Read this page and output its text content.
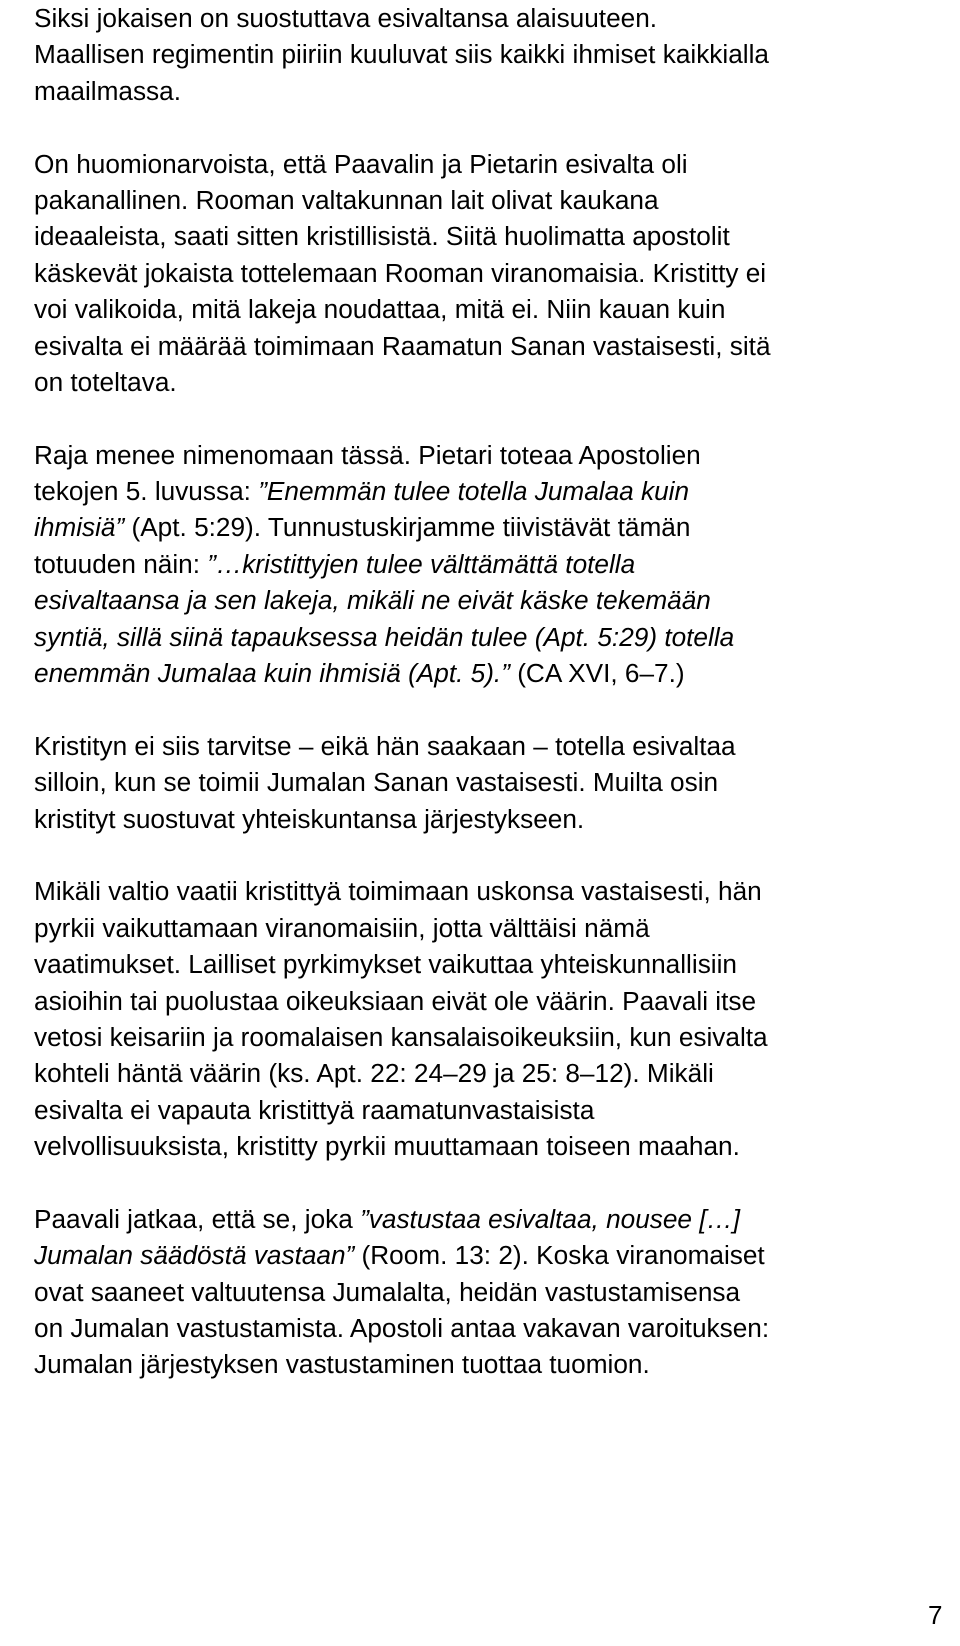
Siksi jokaisen on suostuttava esivaltansa alaisuuteen.
Maallisen regimentin piiriin kuuluvat siis kaikki ihmiset kaikkialla
maailmassa.

On huomionarvoista, että Paavalin ja Pietarin esivalta oli
pakanallinen. Rooman valtakunnan lait olivat kaukana
ideaaleista, saati sitten kristillisistä. Siitä huolimatta apostolit
käskevät jokaista tottelemaan Rooman viranomaisia. Kristitty ei
voi valikoida, mitä lakeja noudattaa, mitä ei. Niin kauan kuin
esivalta ei määrää toimimaan Raamatun Sanan vastaisesti, sitä
on toteltava.

Raja menee nimenomaan tässä. Pietari toteaa Apostolien
tekojen 5. luvussa: ”Enemmän tulee totella Jumalaa kuin
ihmisiä” (Apt. 5:29). Tunnustuskirjamme tiivistävät tämän
totuuden näin: ”…kristittyjen tulee välttämättä totella
esivaltaansa ja sen lakeja, mikäli ne eivät käske tekemään
syntiä, sillä siinä tapauksessa heidän tulee (Apt. 5:29) totella
enemmän Jumalaa kuin ihmisiä (Apt. 5).” (CA XVI, 6–7.)

Kristityn ei siis tarvitse – eikä hän saakaan – totella esivaltaa
silloin, kun se toimii Jumalan Sanan vastaisesti. Muilta osin
kristityt suostuvat yhteiskuntansa järjestykseen.

Mikäli valtio vaatii kristittyä toimimaan uskonsa vastaisesti, hän
pyrkii vaikuttamaan viranomaisiin, jotta välttäisi nämä
vaatimukset. Lailliset pyrkimykset vaikuttaa yhteiskunnallisiin
asioihin tai puolustaa oikeuksiaan eivät ole väärin. Paavali itse
vetosi keisariin ja roomalaisen kansalaisoikeuksiin, kun esivalta
kohteli häntä väärin (ks. Apt. 22: 24–29 ja 25: 8–12). Mikäli
esivalta ei vapauta kristittyä raamatunvastaisista
velvollisuuksista, kristitty pyrkii muuttamaan toiseen maahan.

Paavali jatkaa, että se, joka ”vastustaa esivaltaa, nousee […]
Jumalan säädöstä vastaan” (Room. 13: 2). Koska viranomaiset
ovat saaneet valtuutensa Jumalalta, heidän vastustamisensa
on Jumalan vastustamista. Apostoli antaa vakavan varoituksen:
Jumalan järjestyksen vastustaminen tuottaa tuomion.

7
